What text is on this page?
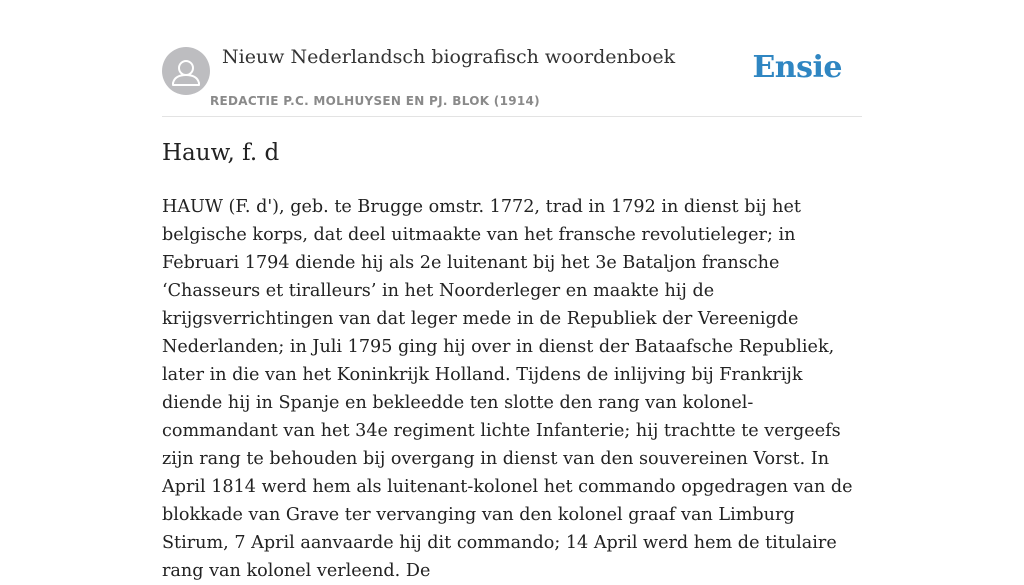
Nieuw Nederlandsch biografisch woordenboek
REDACTIE P.C. MOLHUYSEN EN PJ. BLOK (1914)
Ensie
Hauw, f. d

HAUW (F. d'), geb. te Brugge omstr. 1772, trad in 1792 in dienst bij het belgische korps, dat deel uitmaakte van het fransche revolutieleger; in Februari 1794 diende hij als 2e luitenant bij het 3e Bataljon fransche ‘Chasseurs et tiralleurs’ in het Noorderleger en maakte hij de krijgsverrichtingen van dat leger mede in de Republiek der Vereenigde Nederlanden; in Juli 1795 ging hij over in dienst der Bataafsche Republiek, later in die van het Koninkrijk Holland. Tijdens de inlijving bij Frankrijk diende hij in Spanje en bekleedde ten slotte den rang van kolonel-commandant van het 34e regiment lichte Infanterie; hij trachtte te vergeefs zijn rang te behouden bij overgang in dienst van den souvereinen Vorst. In April 1814 werd hem als luitenant-kolonel het commando opgedragen van de blokkade van Grave ter vervanging van den kolonel graaf van Limburg Stirum, 7 April aanvaarde hij dit commando; 14 April werd hem de titulaire rang van kolonel verleend. De
